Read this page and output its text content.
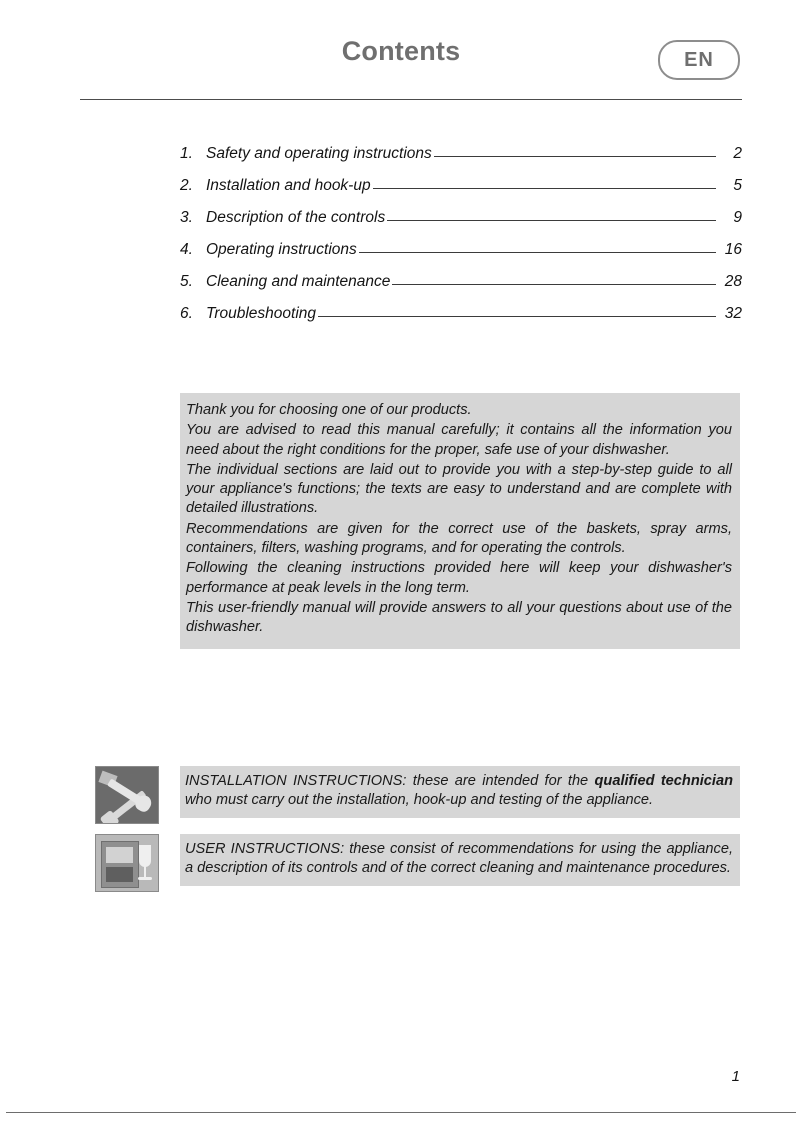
Contents	EN
1. Safety and operating instructions	2
2. Installation and hook-up	5
3. Description of the controls	9
4. Operating instructions	16
5. Cleaning and maintenance	28
6. Troubleshooting	32

Thank you for choosing one of our products.

You are advised to read this manual carefully; it contains all the information you need about the right conditions for the proper, safe use of your dishwasher.

The individual sections are laid out to provide you with a step-by-step guide to all your appliance's functions; the texts are easy to understand and are complete with detailed illustrations.

Recommendations are given for the correct use of the baskets, spray arms, containers, filters, washing programs, and for operating the controls.

Following the cleaning instructions provided here will keep your dishwasher's performance at peak levels in the long term.

This user-friendly manual will provide answers to all your questions about use of the dishwasher.

INSTALLATION INSTRUCTIONS: these are intended for the qualified technician who must carry out the installation, hook-up and testing of the appliance.
USER INSTRUCTIONS: these consist of recommendations for using the appliance, a description of its controls and of the correct cleaning and maintenance procedures.
1
